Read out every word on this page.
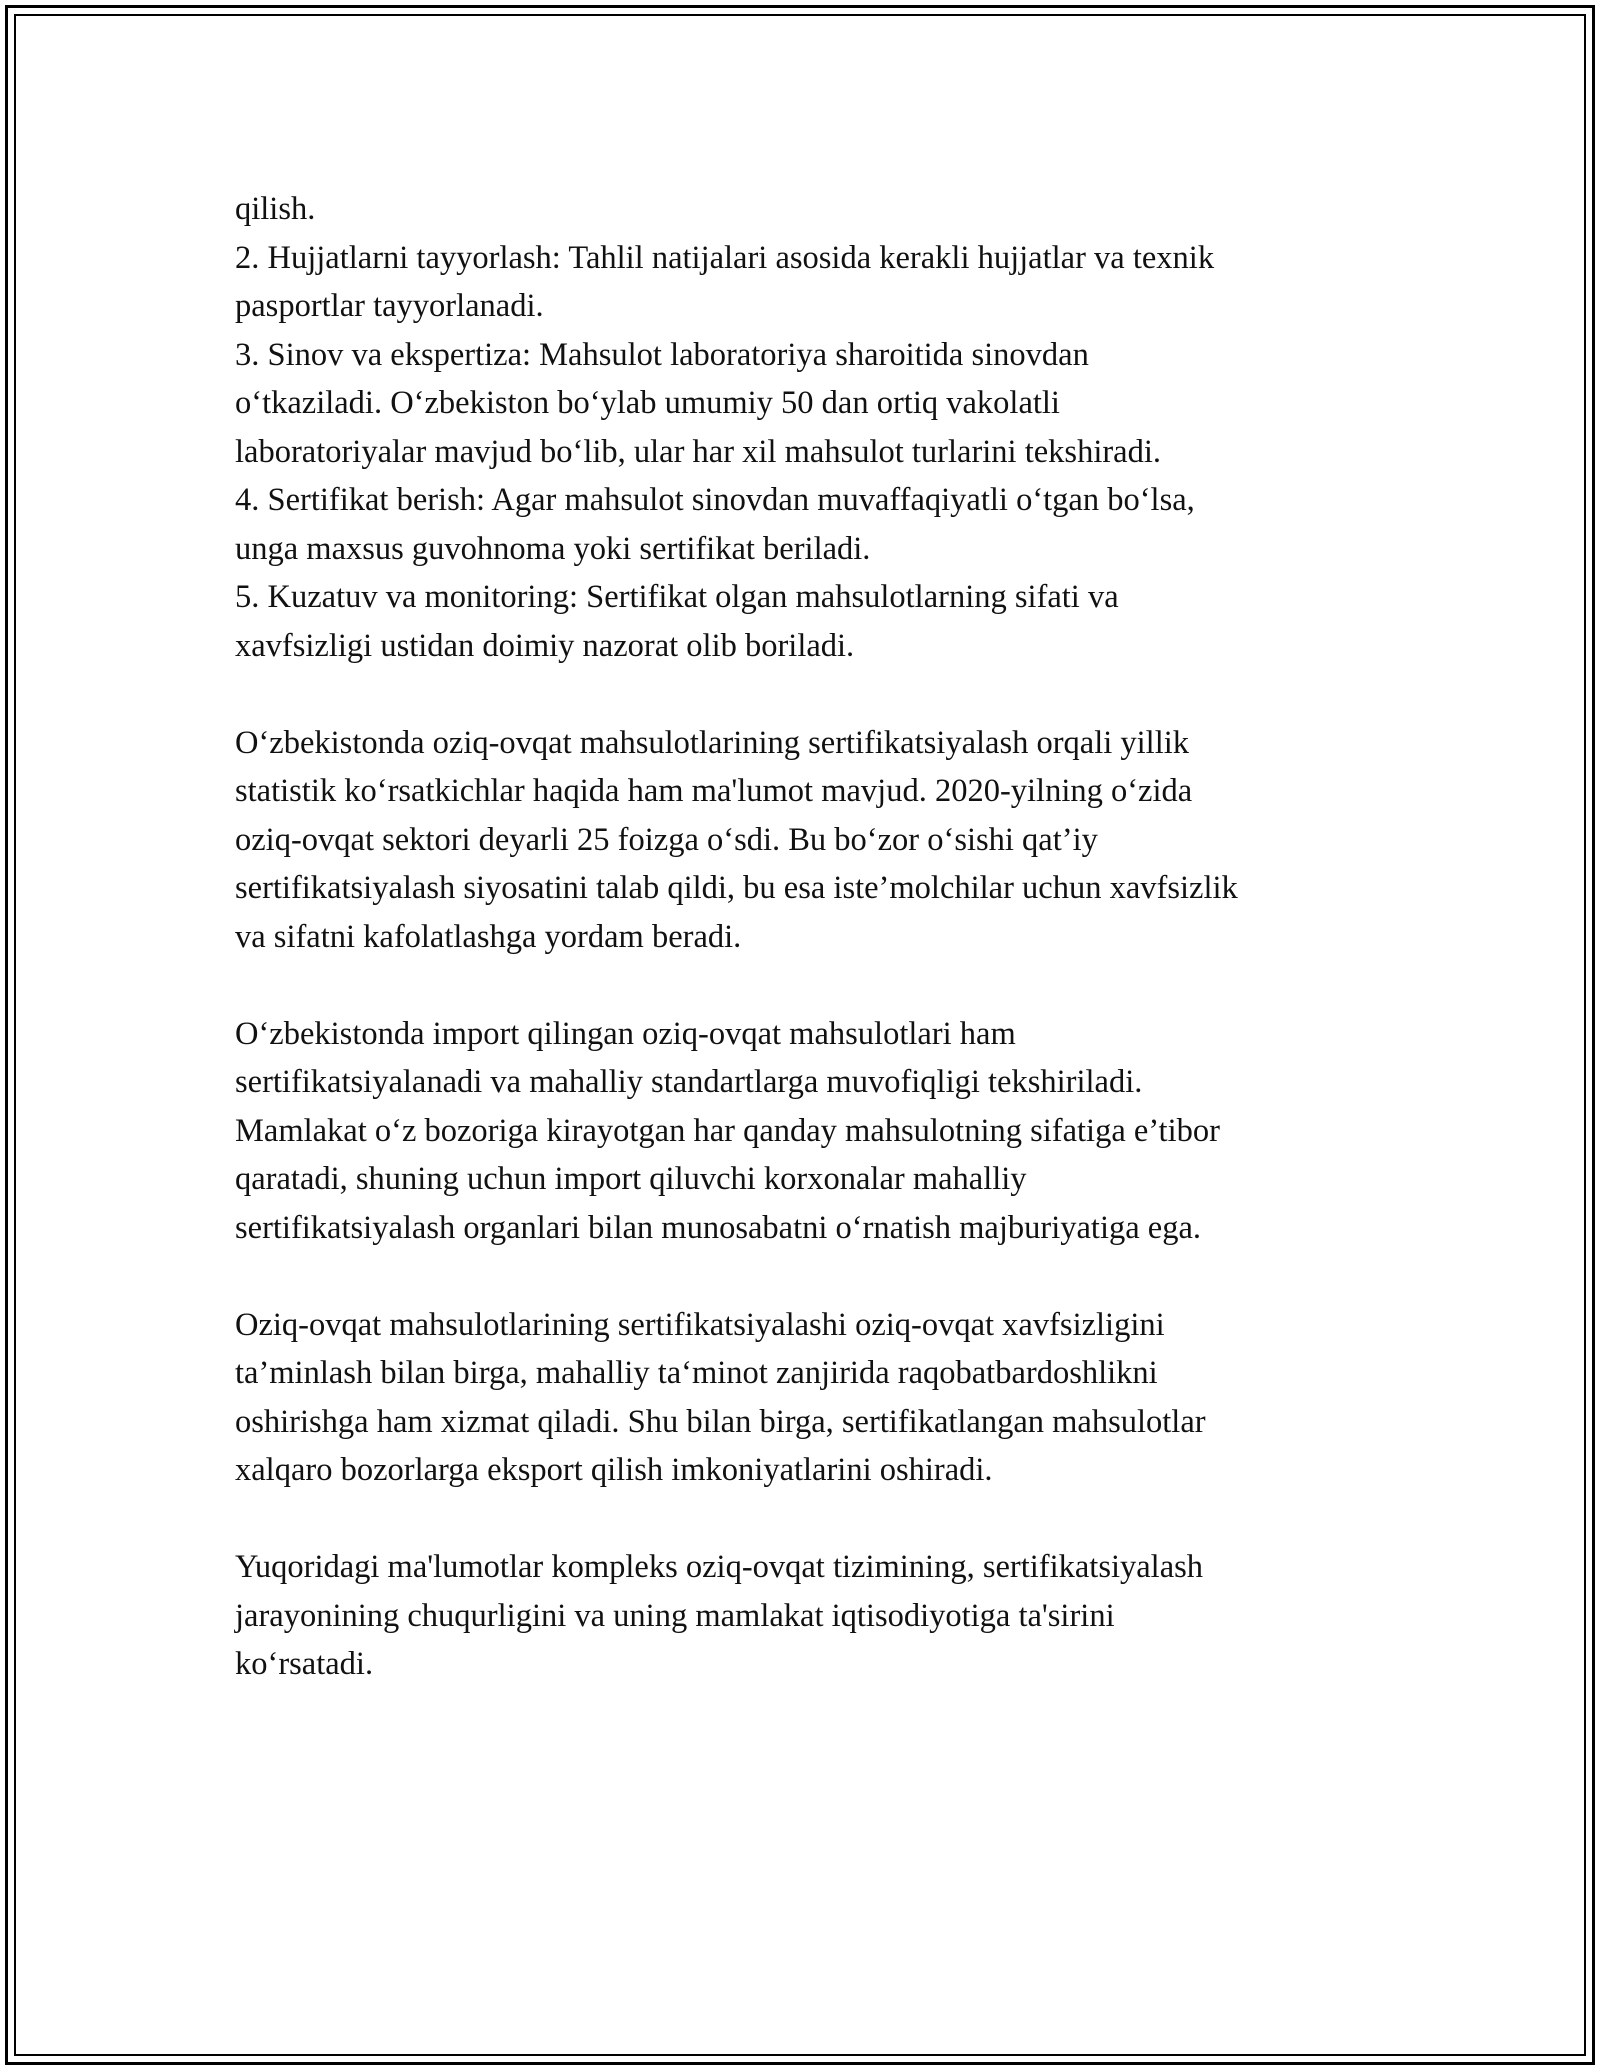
qilish.
2. Hujjatlarni tayyorlash: Tahlil natijalari asosida kerakli hujjatlar va texnik
pasportlar tayyorlanadi.
3. Sinov va ekspertiza: Mahsulot laboratoriya sharoitida sinovdan
o‘tkaziladi. O‘zbekiston bo‘ylab umumiy 50 dan ortiq vakolatli
laboratoriyalar mavjud bo‘lib, ular har xil mahsulot turlarini tekshiradi.
4. Sertifikat berish: Agar mahsulot sinovdan muvaffaqiyatli o‘tgan bo‘lsa,
unga maxsus guvohnoma yoki sertifikat beriladi.
5. Kuzatuv va monitoring: Sertifikat olgan mahsulotlarning sifati va
xavfsizligi ustidan doimiy nazorat olib boriladi.
O‘zbekistonda oziq-ovqat mahsulotlarining sertifikatsiyalash orqali yillik
statistik ko‘rsatkichlar haqida ham ma'lumot mavjud. 2020-yilning o‘zida
oziq-ovqat sektori deyarli 25 foizga o‘sdi. Bu bo‘zor o‘sishi qat’iy
sertifikatsiyalash siyosatini talab qildi, bu esa iste’molchilar uchun xavfsizlik
va sifatni kafolatlashga yordam beradi.
O‘zbekistonda import qilingan oziq-ovqat mahsulotlari ham
sertifikatsiyalanadi va mahalliy standartlarga muvofiqligi tekshiriladi.
Mamlakat o‘z bozoriga kirayotgan har qanday mahsulotning sifatiga e’tibor
qaratadi, shuning uchun import qiluvchi korxonalar mahalliy
sertifikatsiyalash organlari bilan munosabatni o‘rnatish majburiyatiga ega.
Oziq-ovqat mahsulotlarining sertifikatsiyalashi oziq-ovqat xavfsizligini
ta’minlash bilan birga, mahalliy ta‘minot zanjirida raqobatbardoshlikni
oshirishga ham xizmat qiladi. Shu bilan birga, sertifikatlangan mahsulotlar
xalqaro bozorlarga eksport qilish imkoniyatlarini oshiradi.
Yuqoridagi ma'lumotlar kompleks oziq-ovqat tizimining, sertifikatsiyalash
jarayonining chuqurligini va uning mamlakat iqtisodiyotiga ta'sirini
ko‘rsatadi.
